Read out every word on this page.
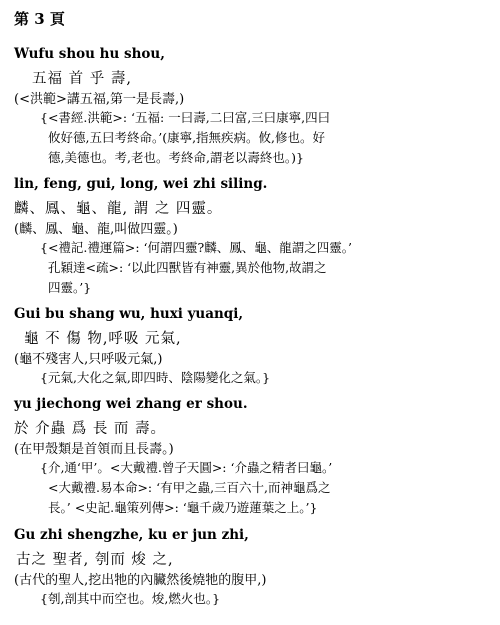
第 3 頁
Wufu shou hu shou,
五福 首 乎 壽,
(<洪範>講五福,第一是長壽,)
{<書經.洪範>: ‘五福: 一曰壽,二曰富,三曰康寧,四曰
攸好德,五曰考終命。’(康寧,指無疾病。攸,修也。好
德,美德也。考,老也。考終命,謂老以壽終也。)}
lin, feng, gui, long, wei zhi siling.
麟、鳳、龜、龍, 謂 之 四靈。
(麟、鳳、龜、龍,叫做四靈。)
{<禮記.禮運篇>: ‘何謂四靈?麟、鳳、龜、龍謂之四靈。’
孔穎達<疏>: ‘以此四獸皆有神靈,異於他物,故謂之
四靈。’}
Gui bu shang wu, huxi yuanqi,
龜 不 傷 物,呼吸 元氣,
(龜不殘害人,只呼吸元氣,)
{元氣,大化之氣,即四時、陰陽變化之氣。}
yu jiechong wei zhang er shou.
於 介蟲 爲 長 而 壽。
(在甲殼類是首領而且長壽。)
{介,通‘甲’。<大戴禮.曾子天圓>: ‘介蟲之精者曰龜。’
<大戴禮.易本命>: ‘有甲之蟲,三百六十,而神龜爲之
長。’ <史記.龜策列傳>: ‘龜千歲乃遊蓮葉之上。’}
Gu zhi shengzhe, ku er jun zhi,
古之 聖者, 刳而 焌 之,
(古代的聖人,挖出牠的內臟然後燒牠的腹甲,)
{刳,剖其中而空也。焌,燃火也。}
